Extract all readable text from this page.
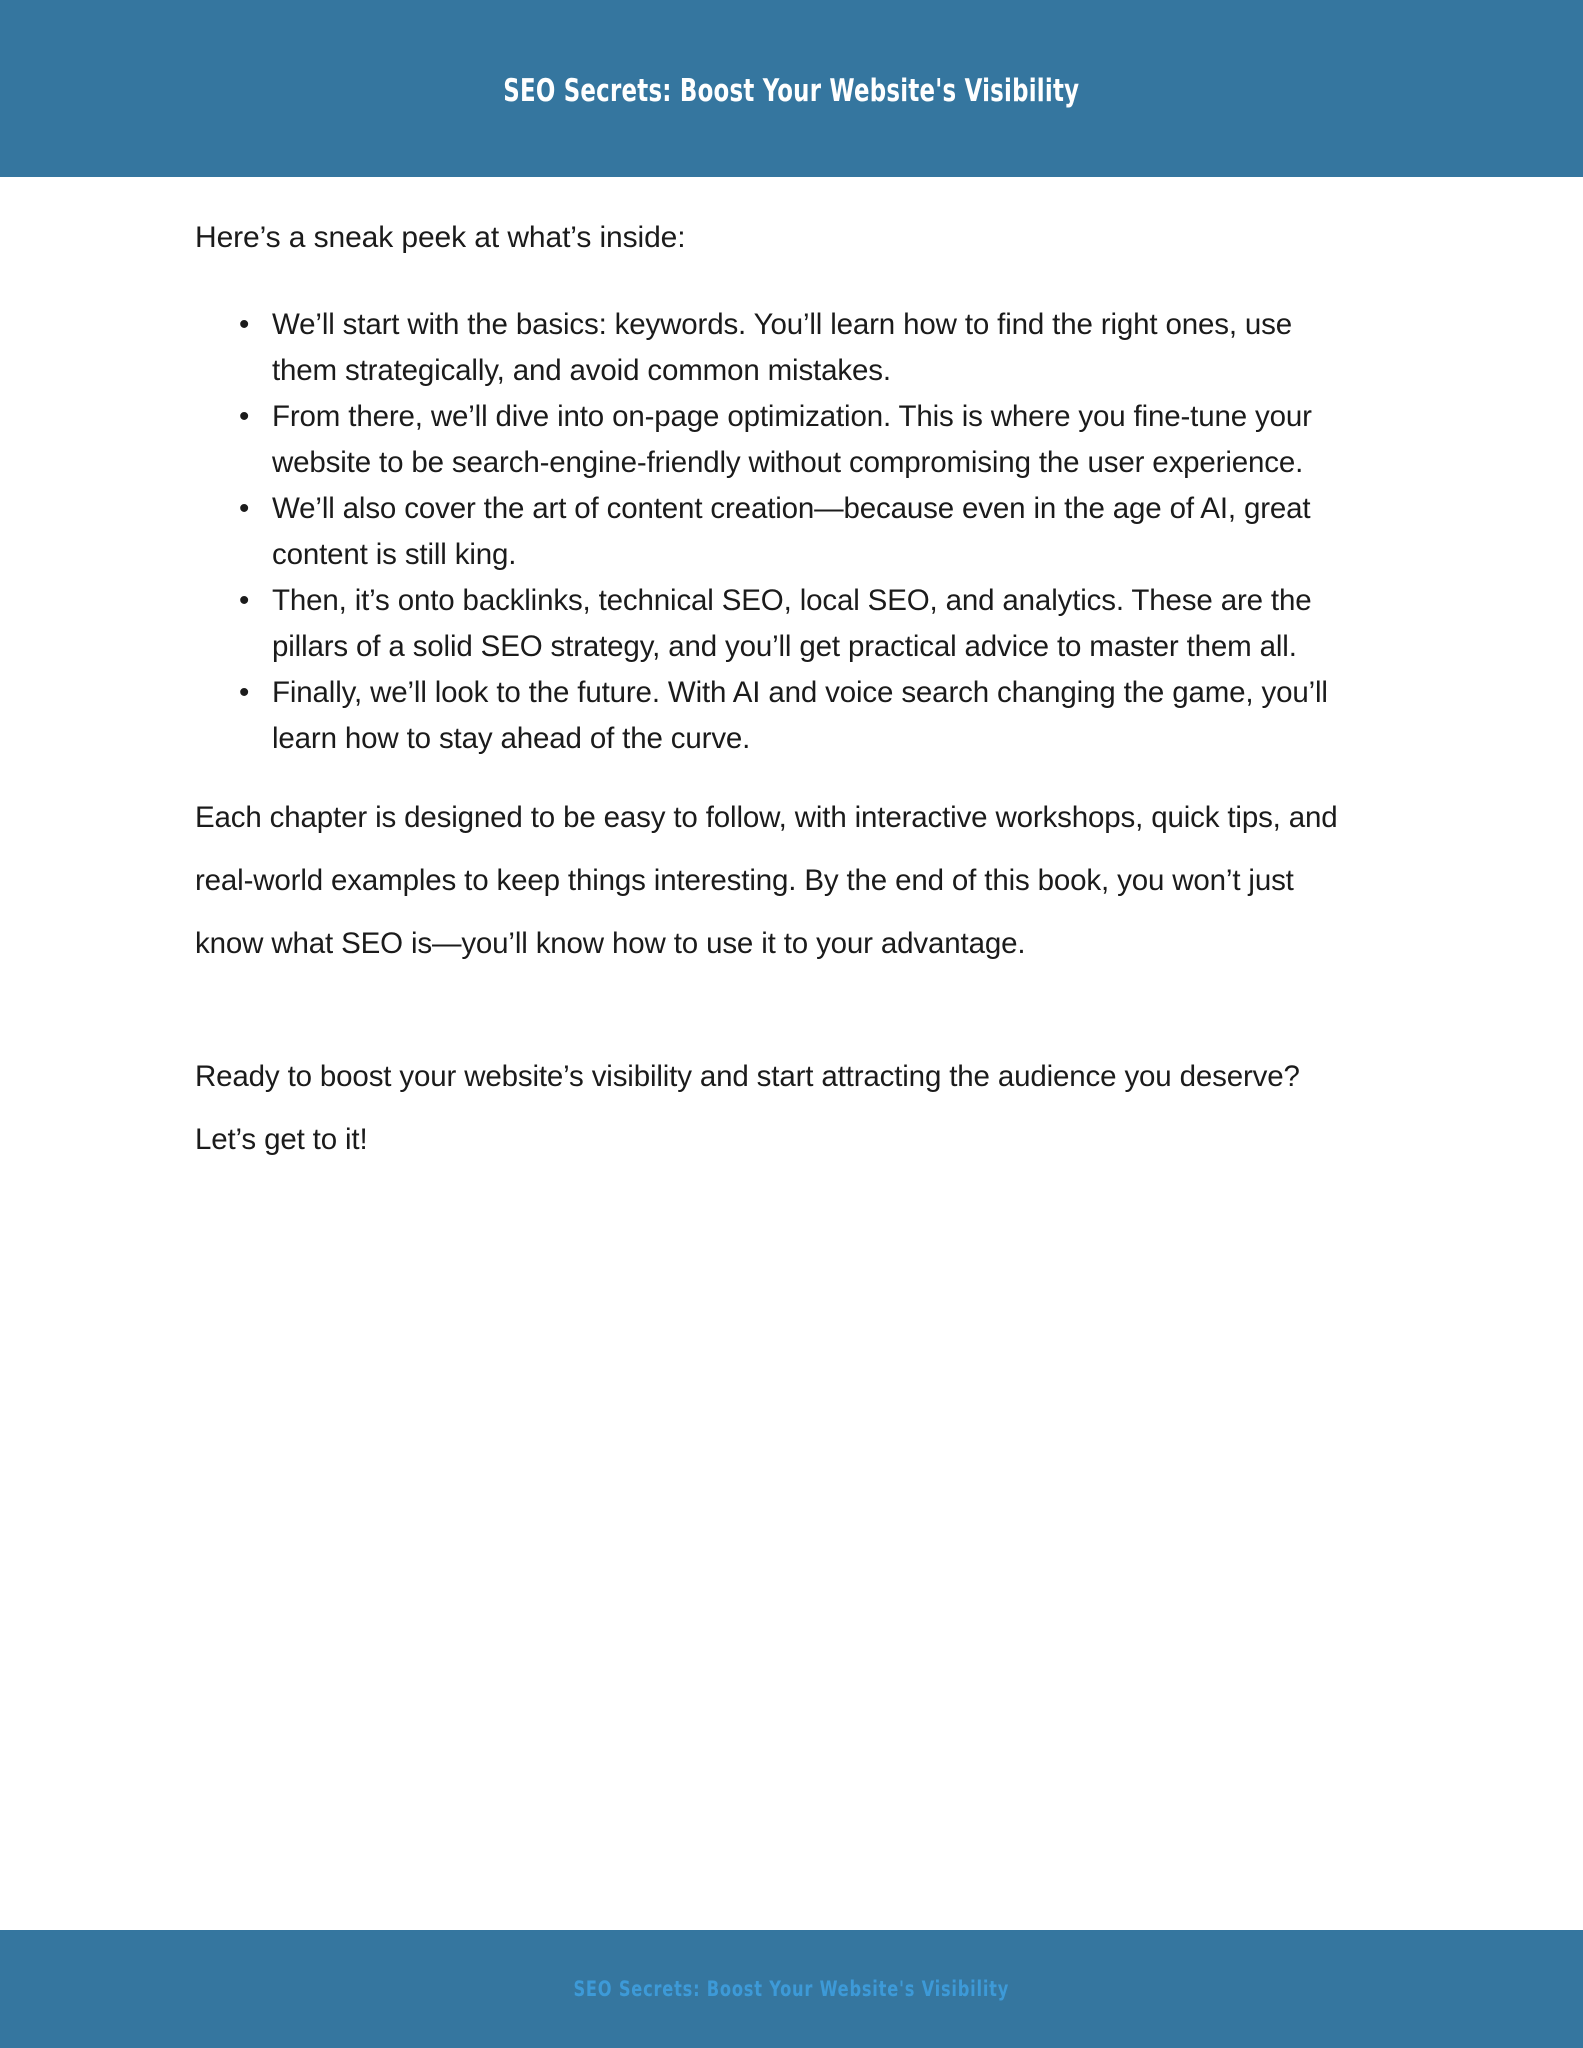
SEO Secrets: Boost Your Website's Visibility

Here’s a sneak peek at what’s inside:

• We’ll start with the basics: keywords. You’ll learn how to find the right ones, use them strategically, and avoid common mistakes.
• From there, we’ll dive into on-page optimization. This is where you fine-tune your website to be search-engine-friendly without compromising the user experience.
• We’ll also cover the art of content creation—because even in the age of AI, great content is still king.
• Then, it’s onto backlinks, technical SEO, local SEO, and analytics. These are the pillars of a solid SEO strategy, and you’ll get practical advice to master them all.
• Finally, we’ll look to the future. With AI and voice search changing the game, you’ll learn how to stay ahead of the curve.

Each chapter is designed to be easy to follow, with interactive workshops, quick tips, and real-world examples to keep things interesting. By the end of this book, you won’t just know what SEO is—you’ll know how to use it to your advantage.

Ready to boost your website’s visibility and start attracting the audience you deserve? Let’s get to it!

SEO Secrets: Boost Your Website's Visibility
